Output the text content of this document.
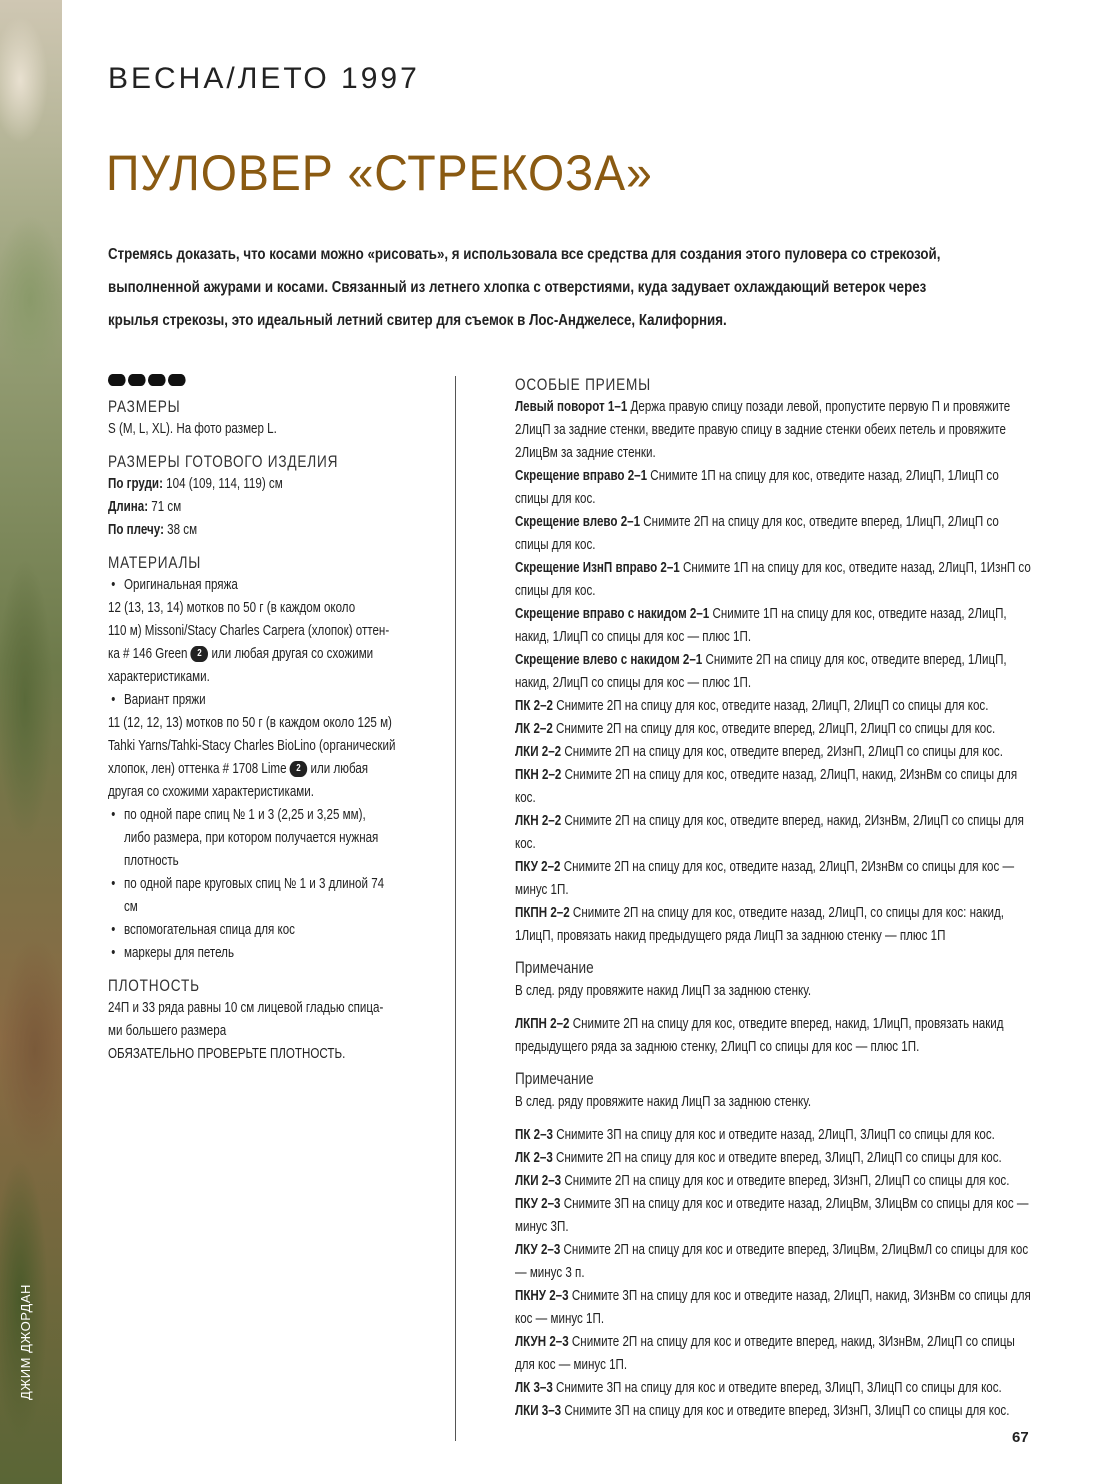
ДЖИМ ДЖОРДАН
ВЕСНА/ЛЕТО 1997
ПУЛОВЕР «СТРЕКОЗА»
Стремясь доказать, что косами можно «рисовать», я использовала все средства для создания этого пуловера со стрекозой,
выполненной ажурами и косами. Связанный из летнего хлопка с отверстиями, куда задувает охлаждающий ветерок через
крылья стрекозы, это идеальный летний свитер для съемок в Лос-Анджелесе, Калифорния.
РАЗМЕРЫ
S (M, L, XL). На фото размер L.
РАЗМЕРЫ ГОТОВОГО ИЗДЕЛИЯ
По груди: 104 (109, 114, 119) см
Длина: 71 см
По плечу: 38 см
МАТЕРИАЛЫ
• Оригинальная пряжа
12 (13, 13, 14) мотков по 50 г (в каждом около
110 м) Missoni/Stacy Charles Carpera (хлопок) оттен-
ка # 146 Green 2 или любая другая со схожими
характеристиками.
• Вариант пряжи
11 (12, 12, 13) мотков по 50 г (в каждом около 125 м)
Tahki Yarns/Tahki-Stacy Charles BioLino (органический
хлопок, лен) оттенка # 1708 Lime 2 или любая
другая со схожими характеристиками.
• по одной паре спиц № 1 и 3 (2,25 и 3,25 мм), либо размера, при котором получается нужная плотность
• по одной паре круговых спиц № 1 и 3 длиной 74 см
• вспомогательная спица для кос
• маркеры для петель
ПЛОТНОСТЬ
24П и 33 ряда равны 10 см лицевой гладью спица-
ми большего размера
ОБЯЗАТЕЛЬНО ПРОВЕРЬТЕ ПЛОТНОСТЬ.
ОСОБЫЕ ПРИЕМЫ
Левый поворот 1–1 Держа правую спицу позади левой, пропустите первую П и провяжите 2ЛицП за задние стенки, введите правую спицу в задние стенки обеих петель и провяжите 2ЛицВм за задние стенки.
Скрещение вправо 2–1 Снимите 1П на спицу для кос, отведите назад, 2ЛицП, 1ЛицП со спицы для кос.
Скрещение влево 2–1 Снимите 2П на спицу для кос, отведите вперед, 1ЛицП, 2ЛицП со спицы для кос.
Скрещение ИзнП вправо 2–1 Снимите 1П на спицу для кос, отведите назад, 2ЛицП, 1ИзнП со спицы для кос.
Скрещение вправо с накидом 2–1 Снимите 1П на спицу для кос, отведите назад, 2ЛицП, накид, 1ЛицП со спицы для кос — плюс 1П.
Скрещение влево с накидом 2–1 Снимите 2П на спицу для кос, отведите вперед, 1ЛицП, накид, 2ЛицП со спицы для кос — плюс 1П.
ПК 2–2 Снимите 2П на спицу для кос, отведите назад, 2ЛицП, 2ЛицП со спицы для кос.
ЛК 2–2 Снимите 2П на спицу для кос, отведите вперед, 2ЛицП, 2ЛицП со спицы для кос.
ЛКИ 2–2 Снимите 2П на спицу для кос, отведите вперед, 2ИзнП, 2ЛицП со спицы для кос.
ПКН 2–2 Снимите 2П на спицу для кос, отведите назад, 2ЛицП, накид, 2ИзнВм со спицы для кос.
ЛКН 2–2 Снимите 2П на спицу для кос, отведите вперед, накид, 2ИзнВм, 2ЛицП со спицы для кос.
ПКУ 2–2 Снимите 2П на спицу для кос, отведите назад, 2ЛицП, 2ИзнВм со спицы для кос — минус 1П.
ПКПН 2–2 Снимите 2П на спицу для кос, отведите назад, 2ЛицП, со спицы для кос: накид, 1ЛицП, провязать накид предыдущего ряда ЛицП за заднюю стенку — плюс 1П
Примечание
В след. ряду провяжите накид ЛицП за заднюю стенку.
ЛКПН 2–2 Снимите 2П на спицу для кос, отведите вперед, накид, 1ЛицП, провязать накид предыдущего ряда за заднюю стенку, 2ЛицП со спицы для кос — плюс 1П.
Примечание
В след. ряду провяжите накид ЛицП за заднюю стенку.
ПК 2–3 Снимите 3П на спицу для кос и отведите назад, 2ЛицП, 3ЛицП со спицы для кос.
ЛК 2–3 Снимите 2П на спицу для кос и отведите вперед, 3ЛицП, 2ЛицП со спицы для кос.
ЛКИ 2–3 Снимите 2П на спицу для кос и отведите вперед, 3ИзнП, 2ЛицП со спицы для кос.
ПКУ 2–3 Снимите 3П на спицу для кос и отведите назад, 2ЛицВм, 3ЛицВм со спицы для кос — минус 3П.
ЛКУ 2–3 Снимите 2П на спицу для кос и отведите вперед, 3ЛицВм, 2ЛицВмЛ со спицы для кос — минус 3 п.
ПКНУ 2–3 Снимите 3П на спицу для кос и отведите назад, 2ЛицП, накид, 3ИзнВм со спицы для кос — минус 1П.
ЛКУН 2–3 Снимите 2П на спицу для кос и отведите вперед, накид, 3ИзнВм, 2ЛицП со спицы для кос — минус 1П.
ЛК 3–3 Снимите 3П на спицу для кос и отведите вперед, 3ЛицП, 3ЛицП со спицы для кос.
ЛКИ 3–3 Снимите 3П на спицу для кос и отведите вперед, 3ИзнП, 3ЛицП со спицы для кос.
67
